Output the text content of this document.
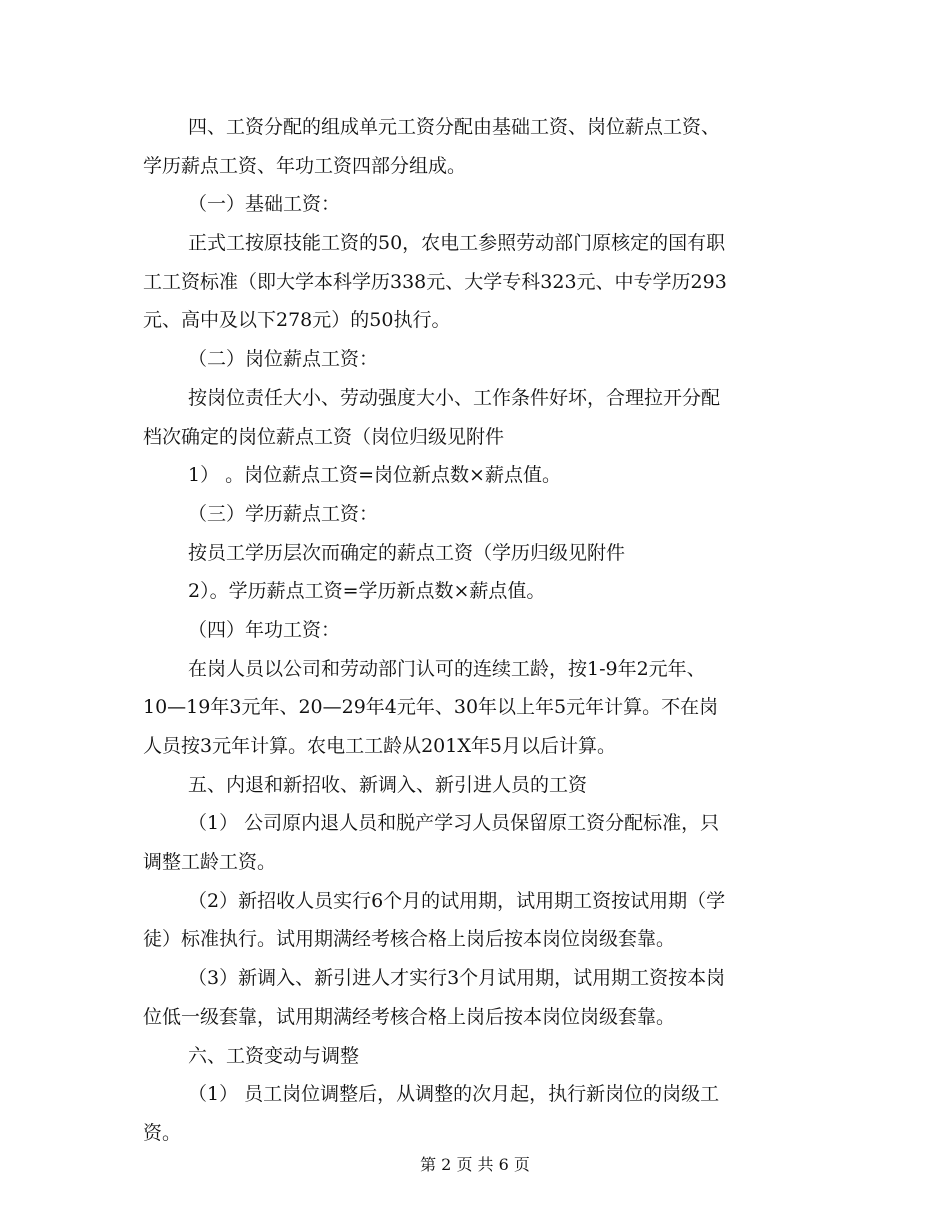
四、工资分配的组成单元工资分配由基础工资、岗位薪点工资、
学历薪点工资、年功工资四部分组成。
（一）基础工资：
正式工按原技能工资的50，农电工参照劳动部门原核定的国有职
工工资标准（即大学本科学历338元、大学专科323元、中专学历293
元、高中及以下278元）的50执行。
（二）岗位薪点工资：
按岗位责任大小、劳动强度大小、工作条件好坏，合理拉开分配
档次确定的岗位薪点工资（岗位归级见附件
1） 。岗位薪点工资=岗位新点数×薪点值。
（三）学历薪点工资：
按员工学历层次而确定的薪点工资（学历归级见附件
2）。学历薪点工资=学历新点数×薪点值。
（四）年功工资：
在岗人员以公司和劳动部门认可的连续工龄，按1-9年2元年、
10—19年3元年、20—29年4元年、30年以上年5元年计算。不在岗
人员按3元年计算。农电工工龄从201X年5月以后计算。
五、内退和新招收、新调入、新引进人员的工资
（1） 公司原内退人员和脱产学习人员保留原工资分配标准，只
调整工龄工资。
（2）新招收人员实行6个月的试用期，试用期工资按试用期（学
徒）标准执行。试用期满经考核合格上岗后按本岗位岗级套靠。
（3）新调入、新引进人才实行3个月试用期，试用期工资按本岗
位低一级套靠，试用期满经考核合格上岗后按本岗位岗级套靠。
六、工资变动与调整
（1） 员工岗位调整后，从调整的次月起，执行新岗位的岗级工
资。
第 2 页 共 6 页
